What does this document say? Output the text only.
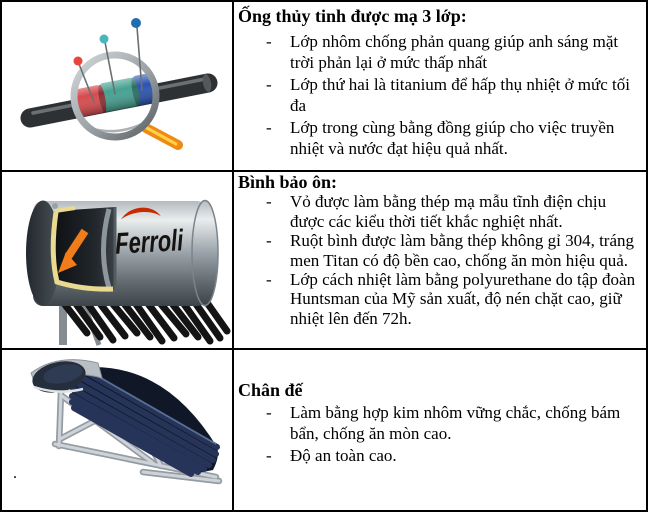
Ống thủy tinh được mạ 3 lớp:
- Lớp nhôm chống phản quang giúp anh sáng mặt trời phản lại ở mức thấp nhất
- Lớp thứ hai là titanium để hấp thụ nhiệt ở mức tối đa
- Lớp trong cùng bằng đồng giúp cho việc truyền nhiệt và nước đạt hiệu quả nhất.
Ferroli
Bình bảo ôn:
- Vỏ được làm bằng thép mạ mẫu tĩnh điện chịu được các kiểu thời tiết khắc nghiệt nhất.
- Ruột bình được làm bằng thép không gỉ 304, tráng men Titan có độ bền cao, chống ăn mòn hiệu quả.
- Lớp cách nhiệt làm bằng polyurethane do tập đoàn Huntsman của Mỹ sản xuất, độ nén chặt cao, giữ nhiệt lên đến 72h.
.
Chân đế
- Làm bằng hợp kim nhôm vững chắc, chống bám bẩn, chống ăn mòn cao.
- Độ an toàn cao.
